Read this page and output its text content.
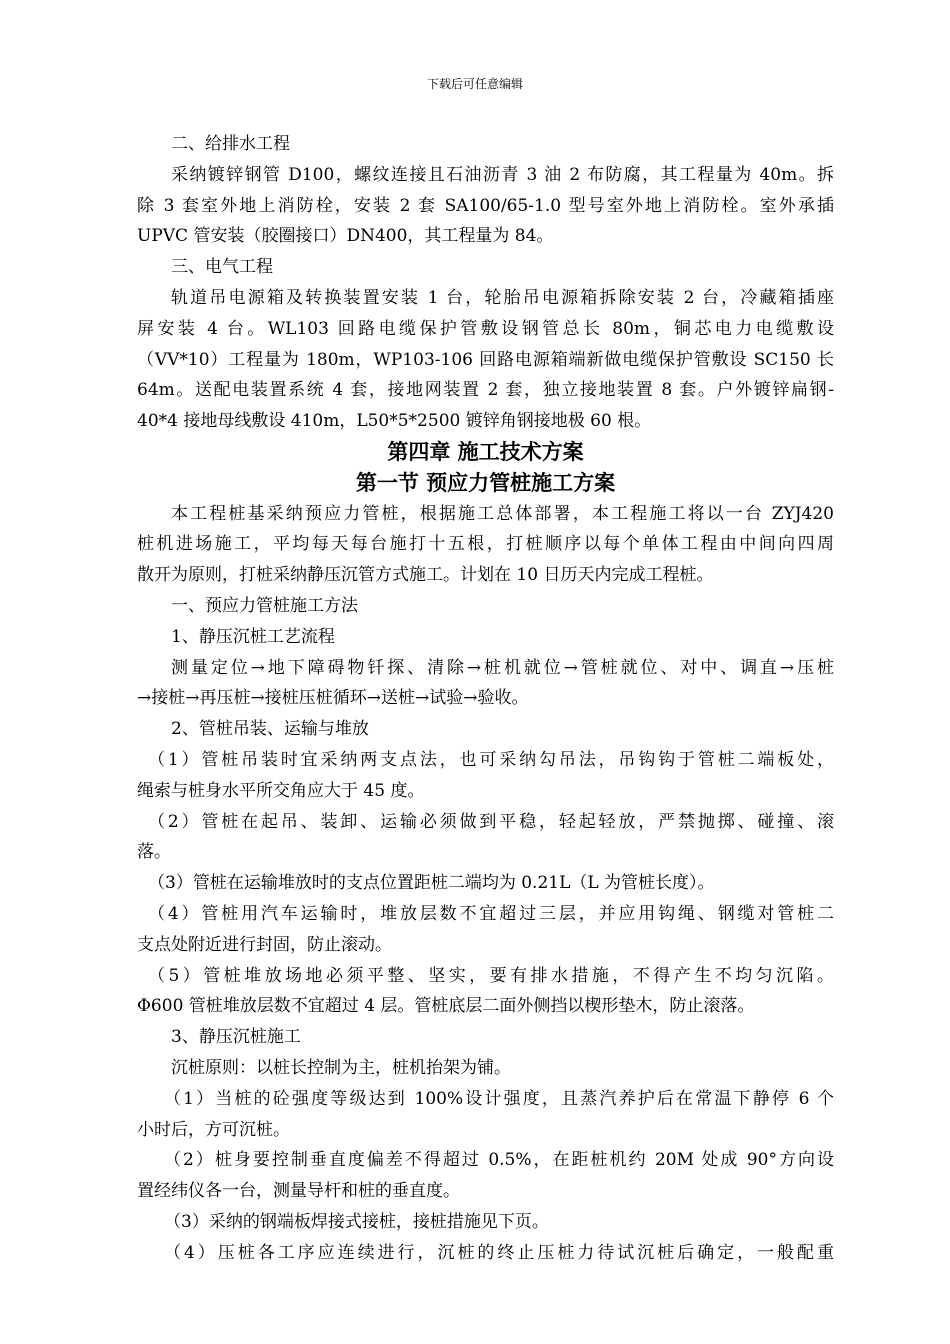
下载后可任意编辑
二、给排水工程
采纳镀锌钢管 D100，螺纹连接且石油沥青 3 油 2 布防腐，其工程量为 40m。拆
除 3 套室外地上消防栓，安装 2 套 SA100/65-1.0 型号室外地上消防栓。室外承插
UPVC 管安装（胶圈接口）DN400，其工程量为 84。
三、电气工程
轨道吊电源箱及转换装置安装 1 台，轮胎吊电源箱拆除安装 2 台，冷藏箱插座
屏安装 4 台。WL103 回路电缆保护管敷设钢管总长 80m，铜芯电力电缆敷设
（VV*10）工程量为 180m，WP103-106 回路电源箱端新做电缆保护管敷设 SC150 长
64m。送配电装置系统 4 套，接地网装置 2 套，独立接地装置 8 套。户外镀锌扁钢-
40*4 接地母线敷设 410m，L50*5*2500 镀锌角钢接地极 60 根。
第四章 施工技术方案
第一节 预应力管桩施工方案
本工程桩基采纳预应力管桩，根据施工总体部署，本工程施工将以一台 ZYJ420
桩机进场施工，平均每天每台施打十五根，打桩顺序以每个单体工程由中间向四周
散开为原则，打桩采纳静压沉管方式施工。计划在 10 日历天内完成工程桩。
一、预应力管桩施工方法
1、静压沉桩工艺流程
测量定位→地下障碍物钎探、清除→桩机就位→管桩就位、对中、调直→压桩
→接桩→再压桩→接桩压桩循环→送桩→试验→验收。
2、管桩吊装、运输与堆放
（1）管桩吊装时宜采纳两支点法，也可采纳勾吊法，吊钩钩于管桩二端板处，
绳索与桩身水平所交角应大于 45 度。
（2）管桩在起吊、装卸、运输必须做到平稳，轻起轻放，严禁抛掷、碰撞、滚
落。
（3）管桩在运输堆放时的支点位置距桩二端均为 0.21L（L 为管桩长度）。
（4）管桩用汽车运输时，堆放层数不宜超过三层，并应用钩绳、钢缆对管桩二
支点处附近进行封固，防止滚动。
（5）管桩堆放场地必须平整、坚实，要有排水措施，不得产生不均匀沉陷。
Φ600 管桩堆放层数不宜超过 4 层。管桩底层二面外侧挡以楔形垫木，防止滚落。
3、静压沉桩施工
沉桩原则：以桩长控制为主，桩机抬架为铺。
（1）当桩的砼强度等级达到 100%设计强度，且蒸汽养护后在常温下静停 6 个
小时后，方可沉桩。
（2）桩身要控制垂直度偏差不得超过 0.5%，在距桩机约 20M 处成 90°方向设
置经纬仪各一台，测量导杆和桩的垂直度。
（3）采纳的钢端板焊接式接桩，接桩措施见下页。
（4）压桩各工序应连续进行，沉桩的终止压桩力待试沉桩后确定，一般配重
